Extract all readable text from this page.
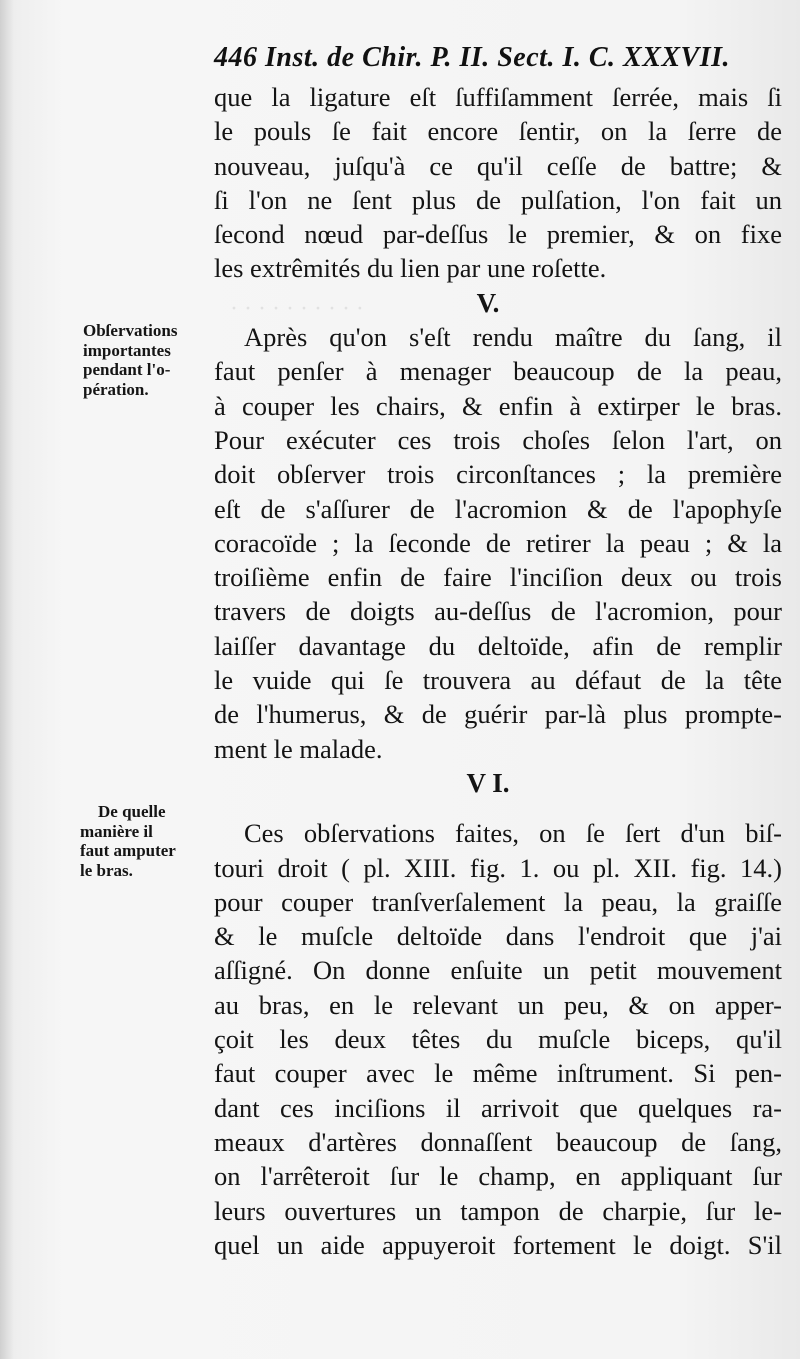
· · · · · · · · · ·
446 Inst. de Chir. P. II. Sect. I. C. XXXVII.
Obſervations
importantes
pendant l'o-
pération.
De quelle
manière il
faut amputer
le bras.
que la ligature eſt ſuffiſamment ſerrée, mais ſi
le pouls ſe fait encore ſentir, on la ſerre de
nouveau, juſqu'à ce qu'il ceſſe de battre; &
ſi l'on ne ſent plus de pulſation, l'on fait un
ſecond nœud par-deſſus le premier, & on fixe
les extrêmités du lien par une roſette.
V.
Après qu'on s'eſt rendu maître du ſang, il
faut penſer à menager beaucoup de la peau,
à couper les chairs, & enfin à extirper le bras.
Pour exécuter ces trois choſes ſelon l'art, on
doit obſerver trois circonſtances ; la première
eſt de s'aſſurer de l'acromion & de l'apophyſe
coracoïde ; la ſeconde de retirer la peau ; & la
troiſième enfin de faire l'inciſion deux ou trois
travers de doigts au-deſſus de l'acromion, pour
laiſſer davantage du deltoïde, afin de remplir
le vuide qui ſe trouvera au défaut de la tête
de l'humerus, & de guérir par-là plus prompte-
ment le malade.
V I.
Ces obſervations faites, on ſe ſert d'un biſ-
touri droit ( pl. XIII. fig. 1. ou pl. XII. fig. 14.)
pour couper tranſverſalement la peau, la graiſſe
& le muſcle deltoïde dans l'endroit que j'ai
aſſigné. On donne enſuite un petit mouvement
au bras, en le relevant un peu, & on apper-
çoit les deux têtes du muſcle biceps, qu'il
faut couper avec le même inſtrument. Si pen-
dant ces inciſions il arrivoit que quelques ra-
meaux d'artères donnaſſent beaucoup de ſang,
on l'arrêteroit ſur le champ, en appliquant ſur
leurs ouvertures un tampon de charpie, ſur le-
quel un aide appuyeroit fortement le doigt. S'il
